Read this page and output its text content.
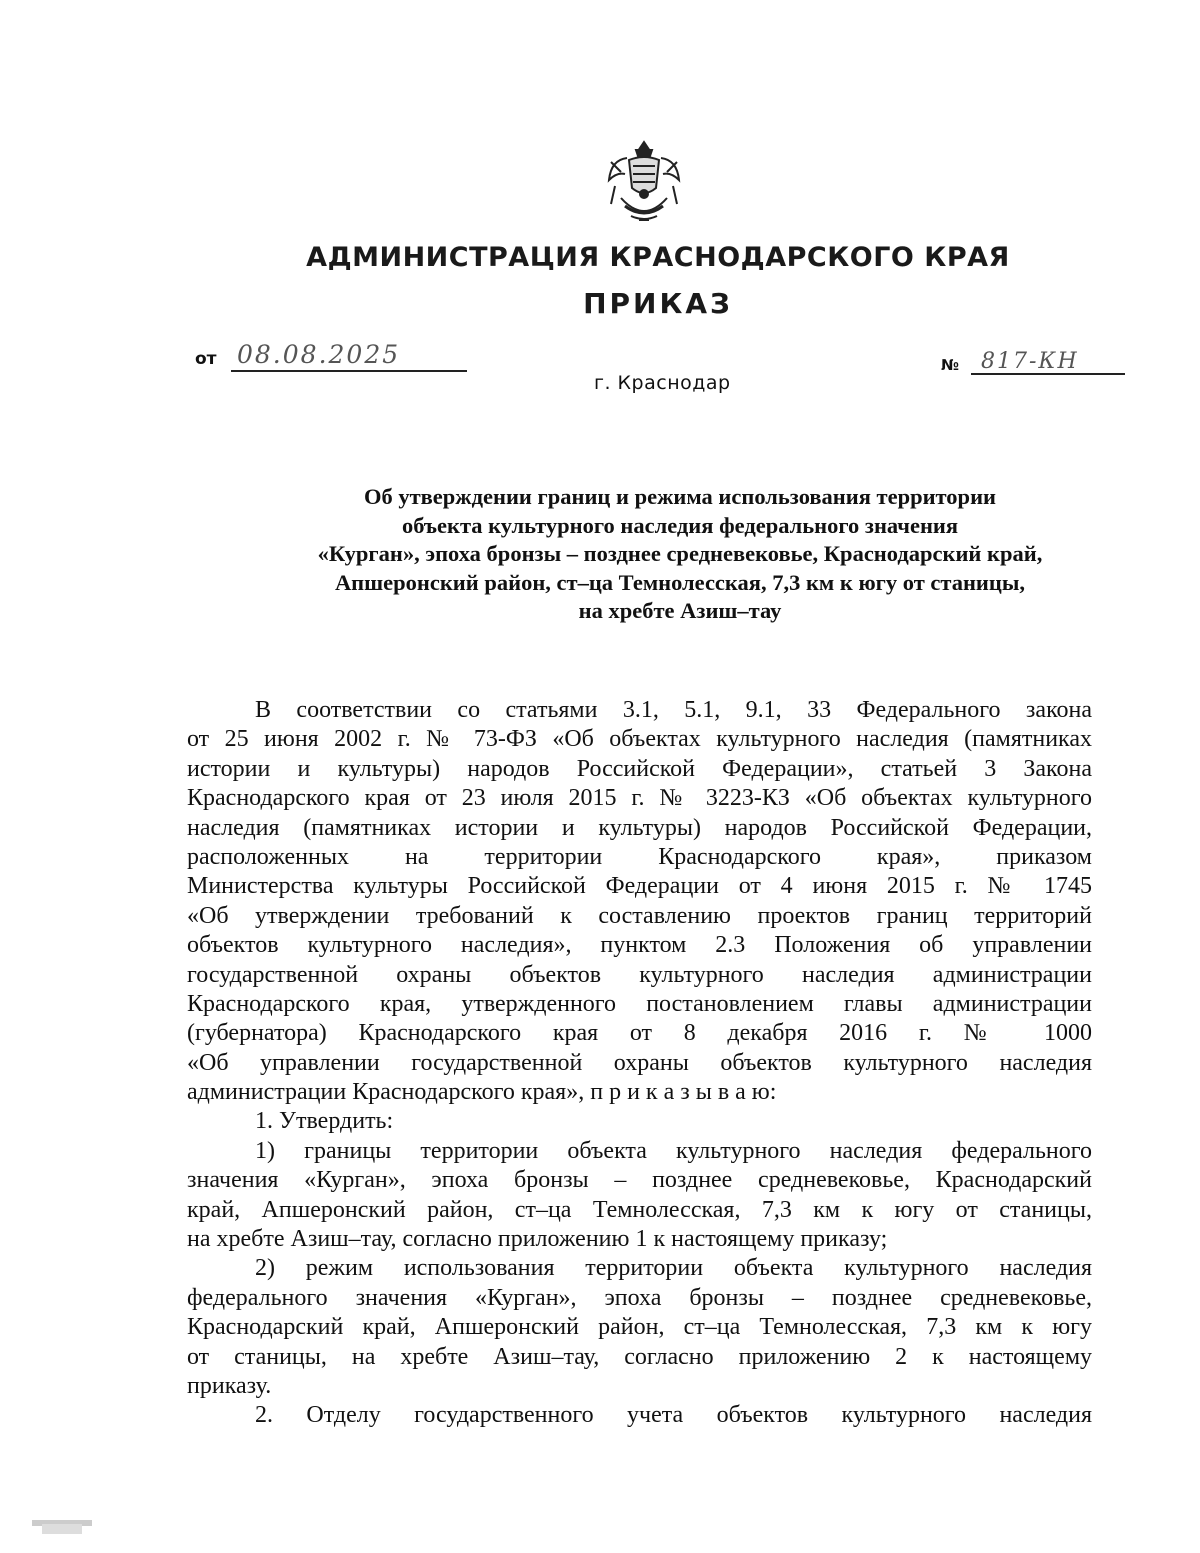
АДМИНИСТРАЦИЯ КРАСНОДАРСКОГО КРАЯ
ПРИКАЗ
от 08.08.2025
г. Краснодар
№ 817-КН
Об утверждении границ и режима использования территории
объекта культурного наследия федерального значения
«Курган», эпоха бронзы – позднее средневековье, Краснодарский край,
Апшеронский район, ст–ца Темнолесская, 7,3 км к югу от станицы,
на хребте Азиш–тау
В соответствии со статьями 3.1, 5.1, 9.1, 33 Федерального закона
от 25 июня 2002 г. № 73-ФЗ «Об объектах культурного наследия (памятниках
истории и культуры) народов Российской Федерации», статьей 3 Закона
Краснодарского края от 23 июля 2015 г. № 3223-КЗ «Об объектах культурного
наследия (памятниках истории и культуры) народов Российской Федерации,
расположенных на территории Краснодарского края», приказом
Министерства культуры Российской Федерации от 4 июня 2015 г. № 1745
«Об утверждении требований к составлению проектов границ территорий
объектов культурного наследия», пунктом 2.3 Положения об управлении
государственной охраны объектов культурного наследия администрации
Краснодарского края, утвержденного постановлением главы администрации
(губернатора) Краснодарского края от 8 декабря 2016 г. № 1000
«Об управлении государственной охраны объектов культурного наследия
администрации Краснодарского края», п р и к а з ы в а ю:
1. Утвердить:
1) границы территории объекта культурного наследия федерального
значения «Курган», эпоха бронзы – позднее средневековье, Краснодарский
край, Апшеронский район, ст–ца Темнолесская, 7,3 км к югу от станицы,
на хребте Азиш–тау, согласно приложению 1 к настоящему приказу;
2) режим использования территории объекта культурного наследия
федерального значения «Курган», эпоха бронзы – позднее средневековье,
Краснодарский край, Апшеронский район, ст–ца Темнолесская, 7,3 км к югу
от станицы, на хребте Азиш–тау, согласно приложению 2 к настоящему
приказу.
2. Отделу государственного учета объектов культурного наследия
